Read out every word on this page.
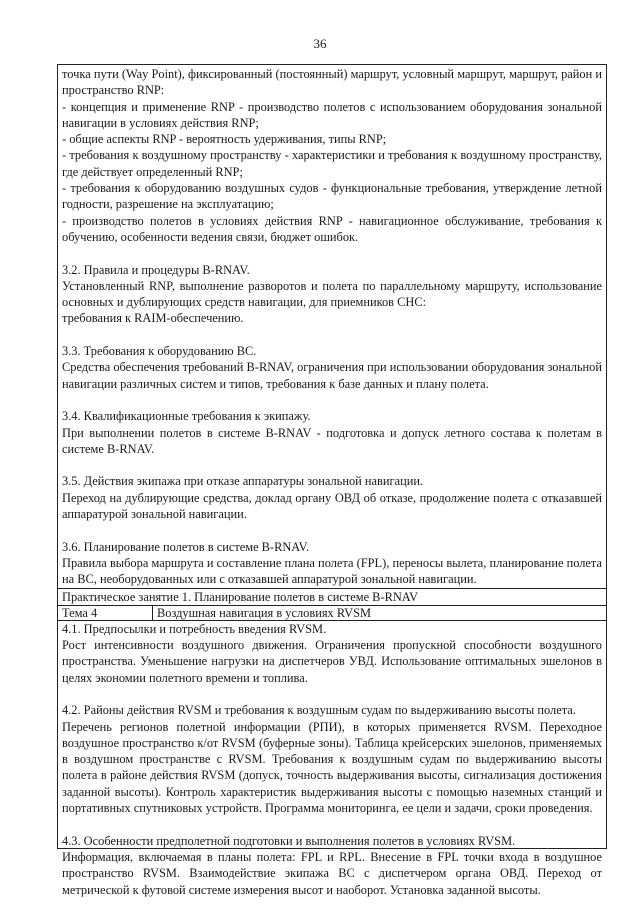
36

точка пути (Way Point), фиксированный (постоянный) маршрут, условный маршрут, маршрут, район и пространство RNP:

- концепция и применение RNP - производство полетов с использованием оборудования зональной навигации в условиях действия RNP;

- общие аспекты RNP - вероятность удерживания, типы RNP;

- требования к воздушному пространству - характеристики и требования к воздушному пространству, где действует определенный RNP;

- требования к оборудованию воздушных судов - функциональные требования, утверждение летной годности, разрешение на эксплуатацию;

- производство полетов в условиях действия RNP - навигационное обслуживание, требования к обучению, особенности ведения связи, бюджет ошибок.

3.2. Правила и процедуры B-RNAV.

Установленный RNP, выполнение разворотов и полета по параллельному маршруту, использование основных и дублирующих средств навигации, для приемников СНС:

требования к RAIM-обеспечению.

3.3. Требования к оборудованию ВС.

Средства обеспечения требований B-RNAV, ограничения при использовании оборудования зональной навигации различных систем и типов, требования к базе данных и плану полета.

3.4. Квалификационные требования к экипажу.

При выполнении полетов в системе B-RNAV - подготовка и допуск летного состава к полетам в системе B-RNAV.

3.5. Действия экипажа при отказе аппаратуры зональной навигации.

Переход на дублирующие средства, доклад органу ОВД об отказе, продолжение полета с отказавшей аппаратурой зональной навигации.

3.6. Планирование полетов в системе B-RNAV.

Правила выбора маршрута и составление плана полета (FPL), переносы вылета, планирование полета на ВС, необорудованных или с отказавшей аппаратурой зональной навигации.

Практическое занятие 1. Планирование полетов в системе B-RNAV

Тема 4	Воздушная навигация в условиях RVSM

4.1. Предпосылки и потребность введения RVSM.

Рост интенсивности воздушного движения. Ограничения пропускной способности воздушного пространства. Уменьшение нагрузки на диспетчеров УВД. Использование оптимальных эшелонов в целях экономии полетного времени и топлива.

4.2. Районы действия RVSM и требования к воздушным судам по выдерживанию высоты полета.

Перечень регионов полетной информации (РПИ), в которых применяется RVSM. Переходное воздушное пространство к/от RVSM (буферные зоны). Таблица крейсерских эшелонов, применяемых в воздушном пространстве с RVSM. Требования к воздушным судам по выдерживанию высоты полета в районе действия RVSM (допуск, точность выдерживания высоты, сигнализация достижения заданной высоты). Контроль характеристик выдерживания высоты с помощью наземных станций и портативных спутниковых устройств. Программа мониторинга, ее цели и задачи, сроки проведения.

4.3. Особенности предполетной подготовки и выполнения полетов в условиях RVSM.

Информация, включаемая в планы полета: FPL и RPL. Внесение в FPL точки входа в воздушное пространство RVSM. Взаимодействие экипажа ВС с диспетчером органа ОВД. Переход от метрической к футовой системе измерения высот и наоборот. Установка заданной высоты.
